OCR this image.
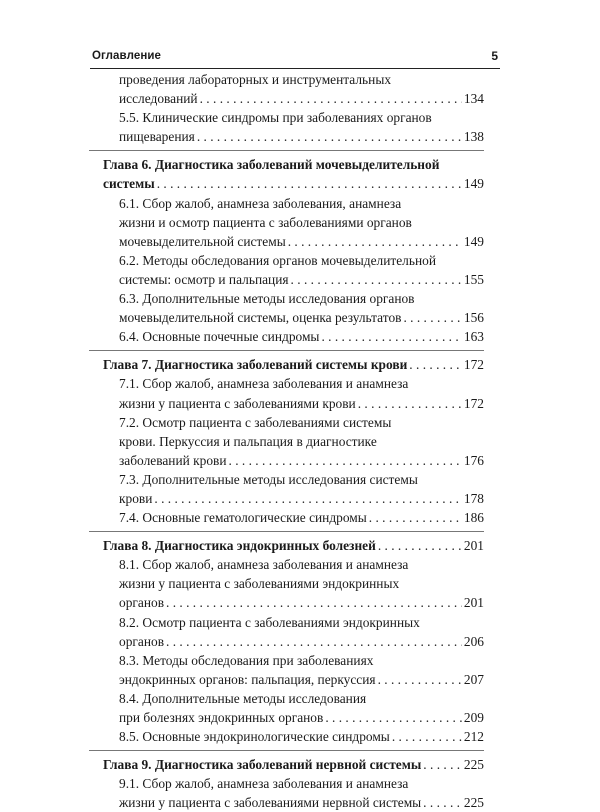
Оглавление	5
проведения лабораторных и инструментальных
исследований . . .	134
5.5. Клинические синдромы при заболеваниях органов
пищеварения . . .	138
Глава 6. Диагностика заболеваний мочевыделительной
системы . . .	149
6.1. Сбор жалоб, анамнеза заболевания, анамнеза
жизни и осмотр пациента с заболеваниями органов
мочевыделительной системы . . .	149
6.2. Методы обследования органов мочевыделительной
системы: осмотр и пальпация . . .	155
6.3. Дополнительные методы исследования органов
мочевыделительной системы, оценка результатов . . .	156
6.4. Основные почечные синдромы . . .	163
Глава 7. Диагностика заболеваний системы крови . . .	172
7.1. Сбор жалоб, анамнеза заболевания и анамнеза
жизни у пациента с заболеваниями крови . . .	172
7.2. Осмотр пациента с заболеваниями системы
крови. Перкуссия и пальпация в диагностике
заболеваний крови . . .	176
7.3. Дополнительные методы исследования системы
крови . . .	178
7.4. Основные гематологические синдромы . . .	186
Глава 8. Диагностика эндокринных болезней . . .	201
8.1. Сбор жалоб, анамнеза заболевания и анамнеза
жизни у пациента с заболеваниями эндокринных
органов . . .	201
8.2. Осмотр пациента с заболеваниями эндокринных
органов . . .	206
8.3. Методы обследования при заболеваниях
эндокринных органов: пальпация, перкуссия . . .	207
8.4. Дополнительные методы исследования
при болезнях эндокринных органов . . .	209
8.5. Основные эндокринологические синдромы . . .	212
Глава 9. Диагностика заболеваний нервной системы . . .	225
9.1. Сбор жалоб, анамнеза заболевания и анамнеза
жизни у пациента с заболеваниями нервной системы . . .	225
